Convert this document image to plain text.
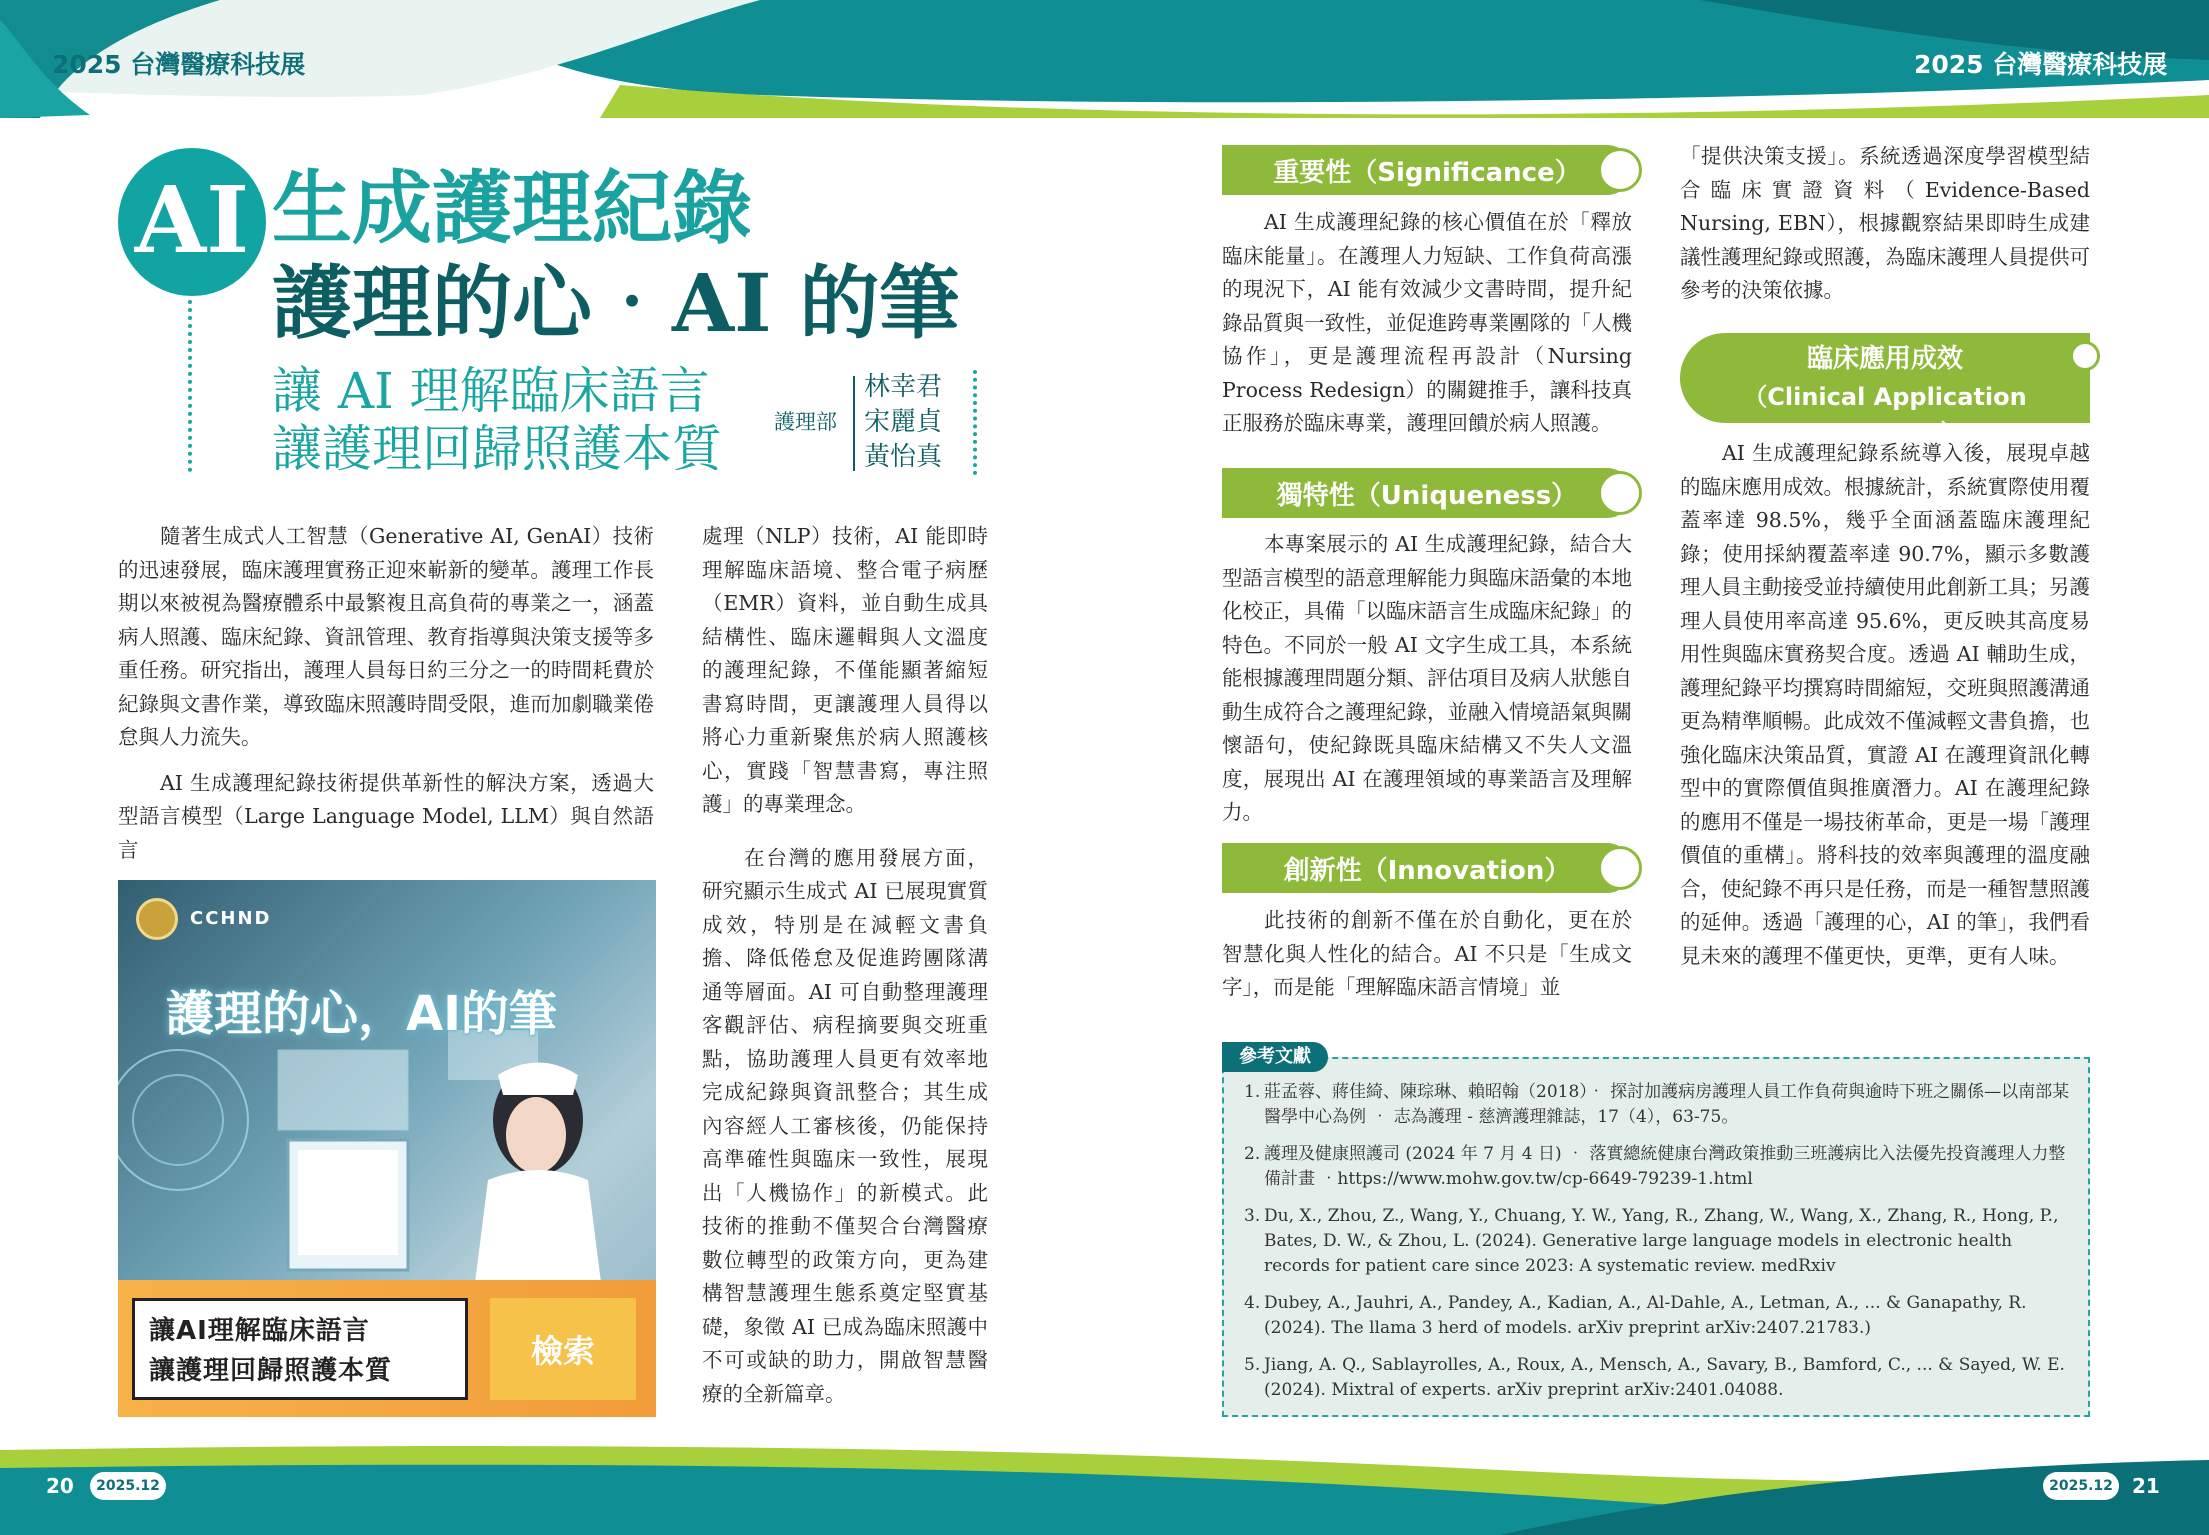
2025 台灣醫療科技展	2025 台灣醫療科技展
AI 生成護理紀錄
護理的心‧AI 的筆
讓 AI 理解臨床語言
讓護理回歸照護本質 護理部
林幸君
宋麗貞
黃怡真

隨著生成式人工智慧（Generative AI, GenAI）技術的迅速發展，臨床護理實務正迎來嶄新的變革。護理工作長期以來被視為醫療體系中最繁複且高負荷的專業之一，涵蓋病人照護、臨床紀錄、資訊管理、教育指導與決策支援等多重任務。研究指出，護理人員每日約三分之一的時間耗費於紀錄與文書作業，導致臨床照護時間受限，進而加劇職業倦怠與人力流失。

AI 生成護理紀錄技術提供革新性的解決方案，透過大型語言模型（Large Language Model, LLM）與自然語言

CCHND
護理的心，AI的筆
讓AI理解臨床語言
讓護理回歸照護本質
檢索

處理（NLP）技術，AI 能即時理解臨床語境、整合電子病歷（EMR）資料，並自動生成具結構性、臨床邏輯與人文溫度的護理紀錄，不僅能顯著縮短書寫時間，更讓護理人員得以將心力重新聚焦於病人照護核心，實踐「智慧書寫，專注照護」的專業理念。

在台灣的應用發展方面，研究顯示生成式 AI 已展現實質成效，特別是在減輕文書負擔、降低倦怠及促進跨團隊溝通等層面。AI 可自動整理護理客觀評估、病程摘要與交班重點，協助護理人員更有效率地完成紀錄與資訊整合；其生成內容經人工審核後，仍能保持高準確性與臨床一致性，展現出「人機協作」的新模式。此技術的推動不僅契合台灣醫療數位轉型的政策方向，更為建構智慧護理生態系奠定堅實基礎，象徵 AI 已成為臨床照護中不可或缺的助力，開啟智慧醫療的全新篇章。

重要性（Significance）

AI 生成護理紀錄的核心價值在於「釋放臨床能量」。在護理人力短缺、工作負荷高漲的現況下，AI 能有效減少文書時間，提升紀錄品質與一致性，並促進跨專業團隊的「人機協作」，更是護理流程再設計（Nursing Process Redesign）的關鍵推手，讓科技真正服務於臨床專業，護理回饋於病人照護。

獨特性（Uniqueness）

本專案展示的 AI 生成護理紀錄，結合大型語言模型的語意理解能力與臨床語彙的本地化校正，具備「以臨床語言生成臨床紀錄」的特色。不同於一般 AI 文字生成工具，本系統能根據護理問題分類、評估項目及病人狀態自動生成符合之護理紀錄，並融入情境語氣與關懷語句，使紀錄既具臨床結構又不失人文溫度，展現出 AI 在護理領域的專業語言及理解力。

創新性（Innovation）

此技術的創新不僅在於自動化，更在於智慧化與人性化的結合。AI 不只是「生成文字」，而是能「理解臨床語言情境」並

「提供決策支援」。系統透過深度學習模型結合臨床實證資料（Evidence-Based Nursing, EBN），根據觀察結果即時生成建議性護理紀錄或照護，為臨床護理人員提供可參考的決策依據。

臨床應用成效
（Clinical Application Outcomes）

AI 生成護理紀錄系統導入後，展現卓越的臨床應用成效。根據統計，系統實際使用覆蓋率達 98.5%，幾乎全面涵蓋臨床護理紀錄；使用採納覆蓋率達 90.7%，顯示多數護理人員主動接受並持續使用此創新工具；另護理人員使用率高達 95.6%，更反映其高度易用性與臨床實務契合度。透過 AI 輔助生成，護理紀錄平均撰寫時間縮短，交班與照護溝通更為精準順暢。此成效不僅減輕文書負擔，也強化臨床決策品質，實證 AI 在護理資訊化轉型中的實際價值與推廣潛力。AI 在護理紀錄的應用不僅是一場技術革命，更是一場「護理價值的重構」。將科技的效率與護理的溫度融合，使紀錄不再只是任務，而是一種智慧照護的延伸。透過「護理的心，AI 的筆」，我們看見未來的護理不僅更快，更準，更有人味。

參考文獻
1. 莊孟蓉、蔣佳綺、陳琮琳、賴昭翰（2018）‧ 探討加護病房護理人員工作負荷與逾時下班之關係—以南部某醫學中心為例 ‧ 志為護理 - 慈濟護理雜誌，17（4），63-75。
2. 護理及健康照護司 (2024 年 7 月 4 日) ‧ 落實總統健康台灣政策推動三班護病比入法優先投資護理人力整備計畫 ‧https://www.mohw.gov.tw/cp-6649-79239-1.html
3. Du, X., Zhou, Z., Wang, Y., Chuang, Y. W., Yang, R., Zhang, W., Wang, X., Zhang, R., Hong, P., Bates, D. W., & Zhou, L. (2024). Generative large language models in electronic health records for patient care since 2023: A systematic review. medRxiv
4. Dubey, A., Jauhri, A., Pandey, A., Kadian, A., Al-Dahle, A., Letman, A., ... & Ganapathy, R. (2024). The llama 3 herd of models. arXiv preprint arXiv:2407.21783.)
5. Jiang, A. Q., Sablayrolles, A., Roux, A., Mensch, A., Savary, B., Bamford, C., ... & Sayed, W. E. (2024). Mixtral of experts. arXiv preprint arXiv:2401.04088.
20	2025.12	2025.12 21
